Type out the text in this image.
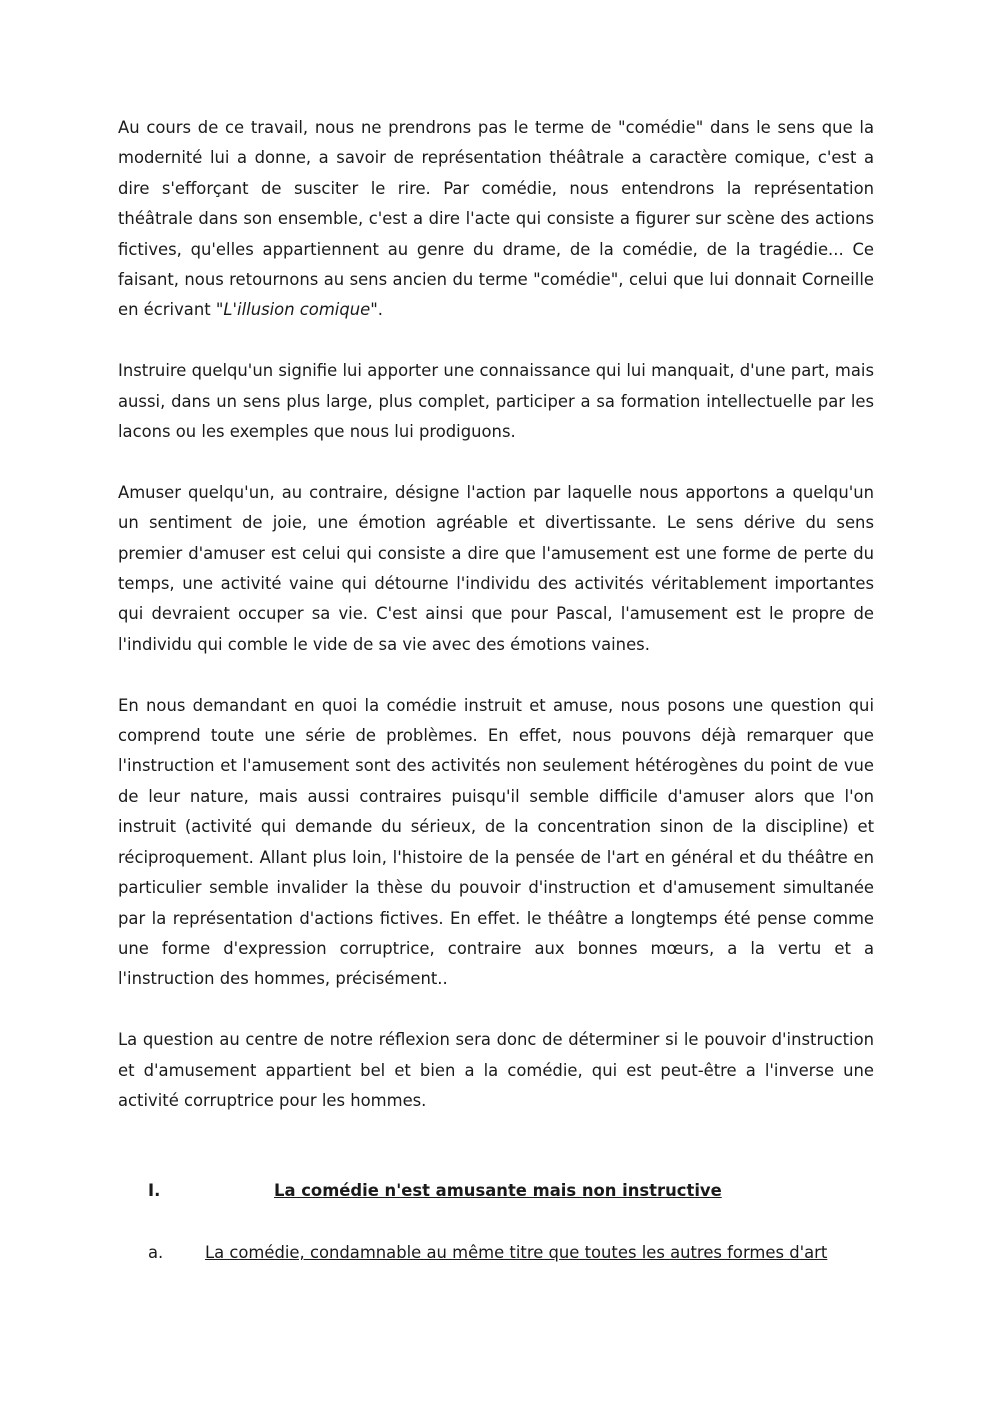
Au cours de ce travail, nous ne prendrons pas le terme de "comédie" dans le sens que la modernité lui a donne, a savoir de représentation théâtrale a caractère comique, c'est a dire s'efforçant de susciter le rire. Par comédie, nous entendrons la représentation théâtrale dans son ensemble, c'est a dire l'acte qui consiste a figurer sur scène des actions fictives, qu'elles appartiennent au genre du drame, de la comédie, de la tragédie... Ce faisant, nous retournons au sens ancien du terme "comédie", celui que lui donnait Corneille en écrivant "L'illusion comique".

Instruire quelqu'un signifie lui apporter une connaissance qui lui manquait, d'une part, mais aussi, dans un sens plus large, plus complet, participer a sa formation intellectuelle par les lacons ou les exemples que nous lui prodiguons.

Amuser quelqu'un, au contraire, désigne l'action par laquelle nous apportons a quelqu'un un sentiment de joie, une émotion agréable et divertissante. Le sens dérive du sens premier d'amuser est celui qui consiste a dire que l'amusement est une forme de perte du temps, une activité vaine qui détourne l'individu des activités véritablement importantes qui devraient occuper sa vie. C'est ainsi que pour Pascal, l'amusement est le propre de l'individu qui comble le vide de sa vie avec des émotions vaines.

En nous demandant en quoi la comédie instruit et amuse, nous posons une question qui comprend toute une série de problèmes. En effet, nous pouvons déjà remarquer que l'instruction et l'amusement sont des activités non seulement hétérogènes du point de vue de leur nature, mais aussi contraires puisqu'il semble difficile d'amuser alors que l'on instruit (activité qui demande du sérieux, de la concentration sinon de la discipline) et réciproquement. Allant plus loin, l'histoire de la pensée de l'art en général et du théâtre en particulier semble invalider la thèse du pouvoir d'instruction et d'amusement simultanée par la représentation d'actions fictives. En effet. le théâtre a longtemps été pense comme une forme d'expression corruptrice, contraire aux bonnes mœurs, a la vertu et a l'instruction des hommes, précisément..

La question au centre de notre réflexion sera donc de déterminer si le pouvoir d'instruction et d'amusement appartient bel et bien a la comédie, qui est peut-être a l'inverse une activité corruptrice pour les hommes.

I.	La comédie n'est amusante mais non instructive
a.	La comédie, condamnable au même titre que toutes les autres formes d'art
